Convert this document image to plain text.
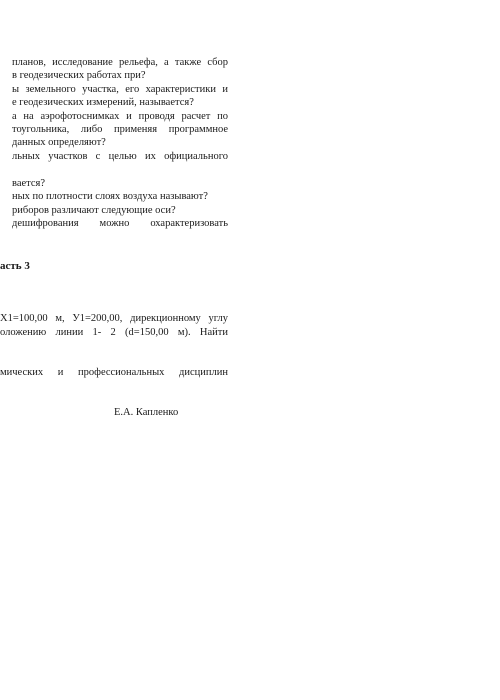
планов, исследование рельефа, а также сбор
в геодезических работах при?
ы земельного участка, его характеристики и
е геодезических измерений, называется?
а на аэрофотоснимках и проводя расчет по
тоугольника, либо применяя программное
данных определяют?
льных участков с целью их официального
вается?
ных по плотности слоях воздуха называют?
риборов различают следующие оси?
дешифрования можно охарактеризовать
асть 3
X1=100,00 м, У1=200,00, дирекционному углу
оложению линии 1- 2 (d=150,00 м). Найти
мических и профессиональных дисциплин
Е.А. Капленко
